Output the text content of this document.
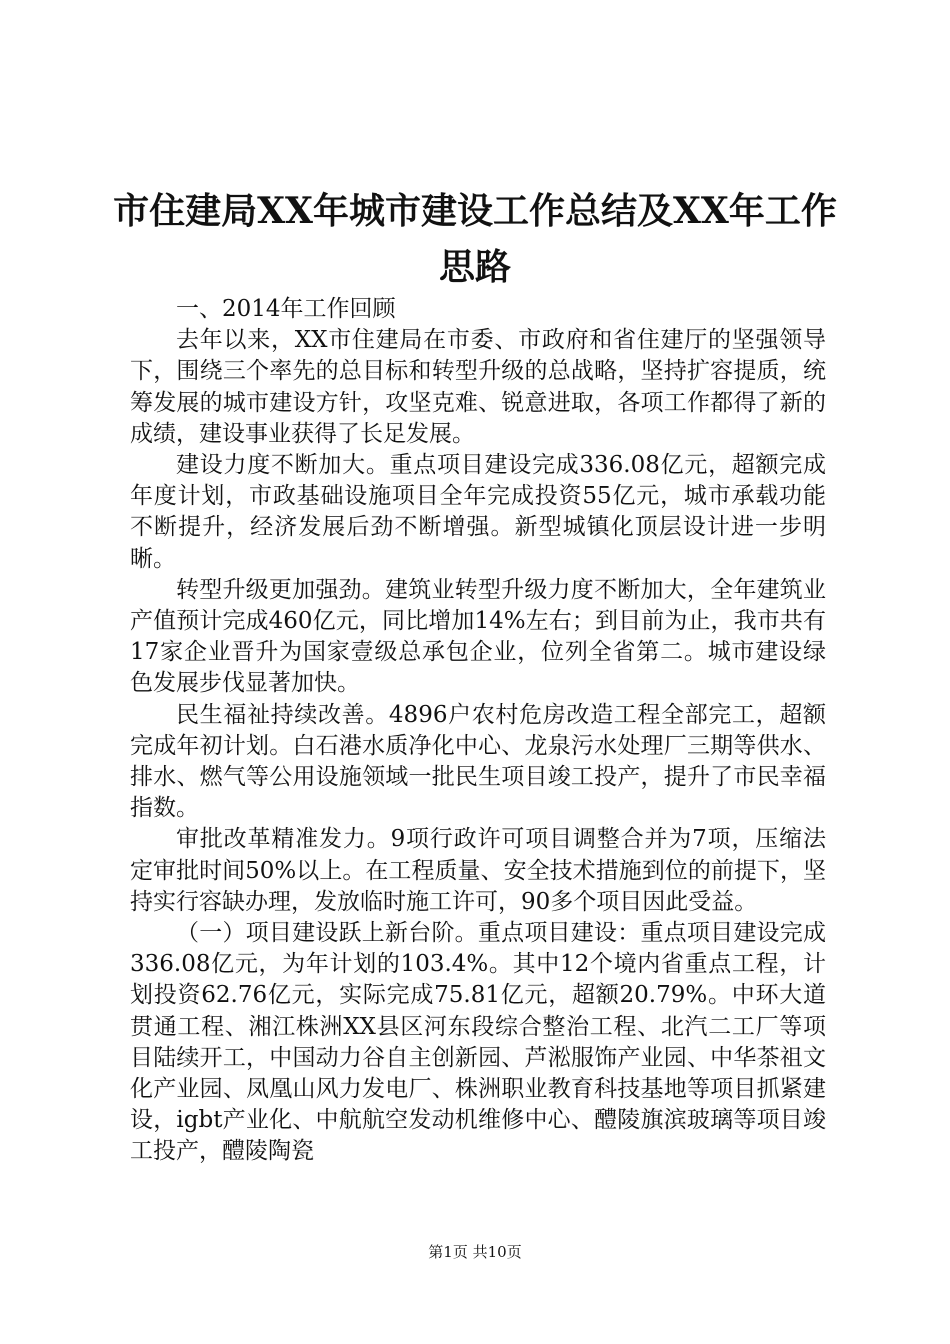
市住建局XX年城市建设工作总结及XX年工作思路

一、2014年工作回顾

去年以来，XX市住建局在市委、市政府和省住建厅的坚强领导下，围绕三个率先的总目标和转型升级的总战略，坚持扩容提质，统筹发展的城市建设方针，攻坚克难、锐意进取，各项工作都得了新的成绩，建设事业获得了长足发展。

建设力度不断加大。重点项目建设完成336.08亿元，超额完成年度计划，市政基础设施项目全年完成投资55亿元，城市承载功能不断提升，经济发展后劲不断增强。新型城镇化顶层设计进一步明晰。

转型升级更加强劲。建筑业转型升级力度不断加大，全年建筑业产值预计完成460亿元，同比增加14%左右；到目前为止，我市共有17家企业晋升为国家壹级总承包企业，位列全省第二。城市建设绿色发展步伐显著加快。

民生福祉持续改善。4896户农村危房改造工程全部完工，超额完成年初计划。白石港水质净化中心、龙泉污水处理厂三期等供水、排水、燃气等公用设施领域一批民生项目竣工投产，提升了市民幸福指数。

审批改革精准发力。9项行政许可项目调整合并为7项，压缩法定审批时间50%以上。在工程质量、安全技术措施到位的前提下，坚持实行容缺办理，发放临时施工许可，90多个项目因此受益。

（一）项目建设跃上新台阶。重点项目建设：重点项目建设完成336.08亿元，为年计划的103.4%。其中12个境内省重点工程，计划投资62.76亿元，实际完成75.81亿元，超额20.79%。中环大道贯通工程、湘江株洲XX县区河东段综合整治工程、北汽二工厂等项目陆续开工，中国动力谷自主创新园、芦淞服饰产业园、中华茶祖文化产业园、凤凰山风力发电厂、株洲职业教育科技基地等项目抓紧建设，igbt产业化、中航航空发动机维修中心、醴陵旗滨玻璃等项目竣工投产，醴陵陶瓷

第1页 共10页
